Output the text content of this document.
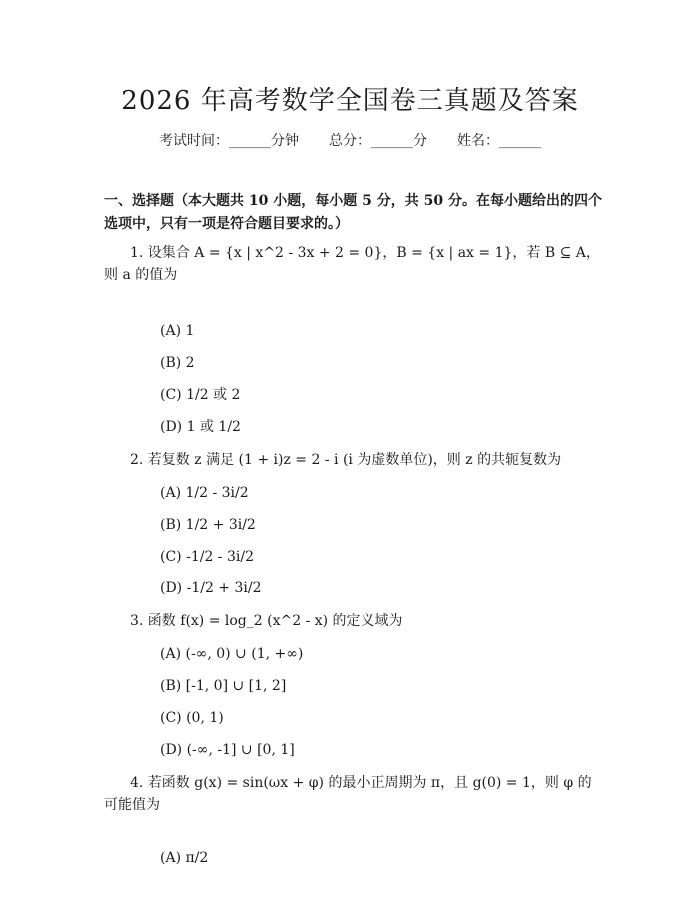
2026 年高考数学全国卷三真题及答案
考试时间：______分钟 总分：______分 姓名：______
一、选择题（本大题共 10 小题，每小题 5 分，共 50 分。在每小题给出的四个选项中，只有一项是符合题目要求的。）
1. 设集合 A = {x | x^2 - 3x + 2 = 0}，B = {x | ax = 1}，若 B ⊆ A，则 a 的值为
(A) 1
(B) 2
(C) 1/2 或 2
(D) 1 或 1/2
2. 若复数 z 满足 (1 + i)z = 2 - i (i 为虚数单位)，则 z 的共轭复数为
(A) 1/2 - 3i/2
(B) 1/2 + 3i/2
(C) -1/2 - 3i/2
(D) -1/2 + 3i/2
3. 函数 f(x) = log_2 (x^2 - x) 的定义域为
(A) (-∞, 0) ∪ (1, +∞)
(B) [-1, 0] ∪ [1, 2]
(C) (0, 1)
(D) (-∞, -1] ∪ [0, 1]
4. 若函数 g(x) = sin(ωx + φ) 的最小正周期为 π，且 g(0) = 1，则 φ 的可能值为
(A) π/2
